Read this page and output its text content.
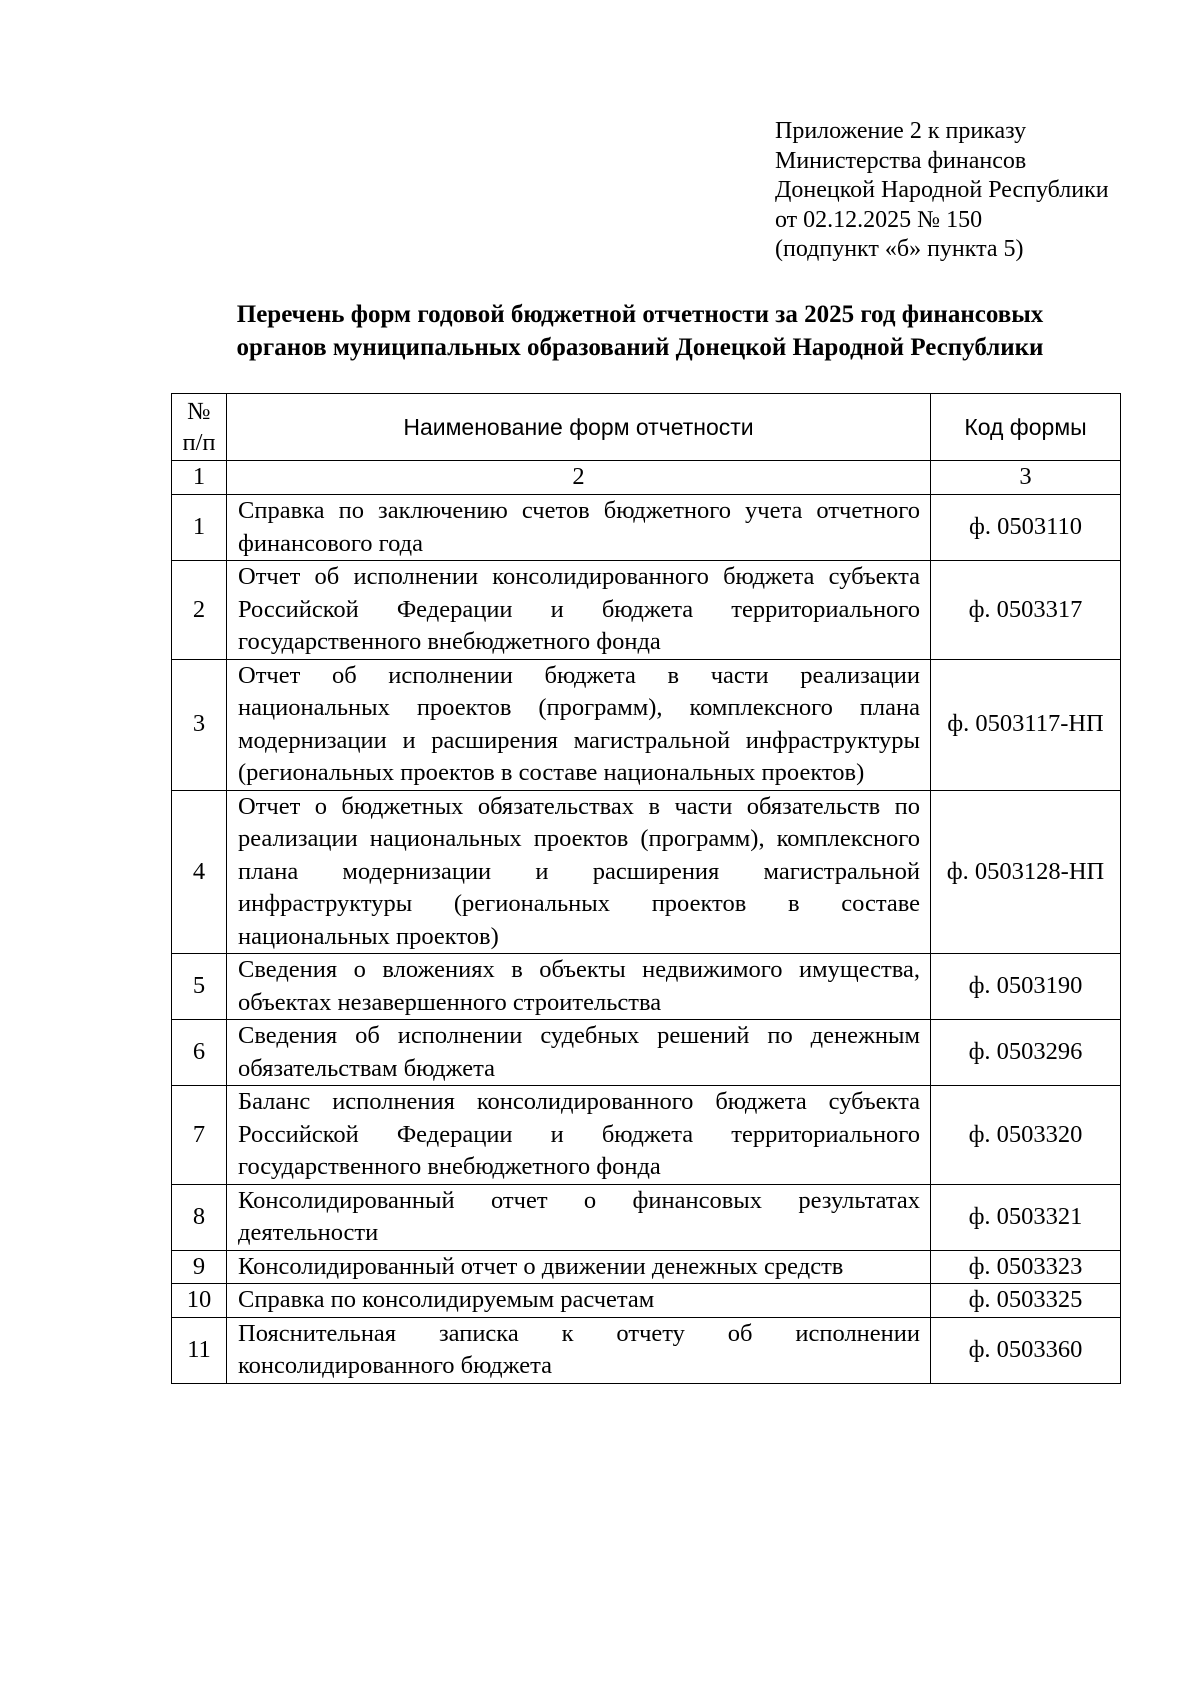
Приложение 2 к приказу
Министерства финансов
Донецкой Народной Республики
от 02.12.2025 № 150
(подпункт «б» пункта 5)
Перечень форм годовой бюджетной отчетности за 2025 год финансовых
органов муниципальных образований Донецкой Народной Республики
№
п/п	Наименование форм отчетности	Код формы
1	2	3
1	Справка по заключению счетов бюджетного учета отчетного финансового года	ф. 0503110
2	Отчет об исполнении консолидированного бюджета субъекта Российской Федерации и бюджета территориального государственного внебюджетного фонда	ф. 0503317
3	Отчет об исполнении бюджета в части реализации национальных проектов (программ), комплексного плана модернизации и расширения магистральной инфраструктуры (региональных проектов в составе национальных проектов)	ф. 0503117-НП
4	Отчет о бюджетных обязательствах в части обязательств по реализации национальных проектов (программ), комплексного плана модернизации и расширения магистральной инфраструктуры (региональных проектов в составе национальных проектов)	ф. 0503128-НП
5	Сведения о вложениях в объекты недвижимого имущества, объектах незавершенного строительства	ф. 0503190
6	Сведения об исполнении судебных решений по денежным обязательствам бюджета	ф. 0503296
7	Баланс исполнения консолидированного бюджета субъекта Российской Федерации и бюджета территориального государственного внебюджетного фонда	ф. 0503320
8	Консолидированный отчет о финансовых результатах деятельности	ф. 0503321
9	Консолидированный отчет о движении денежных средств	ф. 0503323
10	Справка по консолидируемым расчетам	ф. 0503325
11	Пояснительная записка к отчету об исполнении консолидированного бюджета	ф. 0503360
